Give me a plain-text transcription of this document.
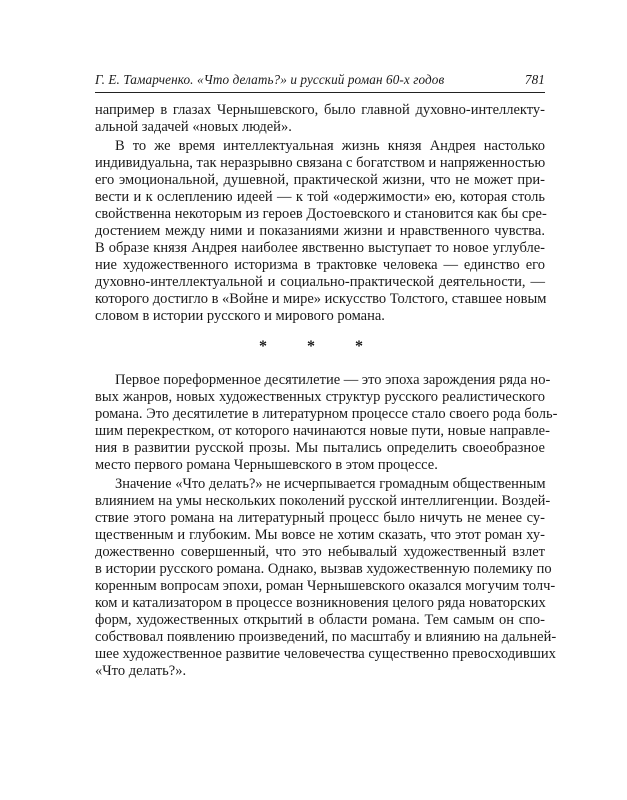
Г. Е. Тамарченко. «Что делать?» и русский роман 60-х годов	781
например в глазах Чернышевского, было главной духовно-интеллекту-
альной задачей «новых людей».
В то же время интеллектуальная жизнь князя Андрея настолько
индивидуальна, так неразрывно связана с богатством и напряженностью
его эмоциональной, душевной, практической жизни, что не может при-
вести и к ослеплению идеей — к той «одержимости» ею, которая столь
свойственна некоторым из героев Достоевского и становится как бы сре-
достением между ними и показаниями жизни и нравственного чувства.
В образе князя Андрея наиболее явственно выступает то новое углубле-
ние художественного историзма в трактовке человека — единство его
духовно-интеллектуальной и социально-практической деятельности, —
которого достигло в «Войне и мире» искусство Толстого, ставшее новым
словом в истории русского и мирового романа.
* * *
Первое пореформенное десятилетие — это эпоха зарождения ряда но-
вых жанров, новых художественных структур русского реалистического
романа. Это десятилетие в литературном процессе стало своего рода боль-
шим перекрестком, от которого начинаются новые пути, новые направле-
ния в развитии русской прозы. Мы пытались определить своеобразное
место первого романа Чернышевского в этом процессе.
Значение «Что делать?» не исчерпывается громадным общественным
влиянием на умы нескольких поколений русской интеллигенции. Воздей-
ствие этого романа на литературный процесс было ничуть не менее су-
щественным и глубоким. Мы вовсе не хотим сказать, что этот роман ху-
дожественно совершенный, что это небывалый художественный взлет
в истории русского романа. Однако, вызвав художественную полемику по
коренным вопросам эпохи, роман Чернышевского оказался могучим толч-
ком и катализатором в процессе возникновения целого ряда новаторских
форм, художественных открытий в области романа. Тем самым он спо-
собствовал появлению произведений, по масштабу и влиянию на дальней-
шее художественное развитие человечества существенно превосходивших
«Что делать?».
